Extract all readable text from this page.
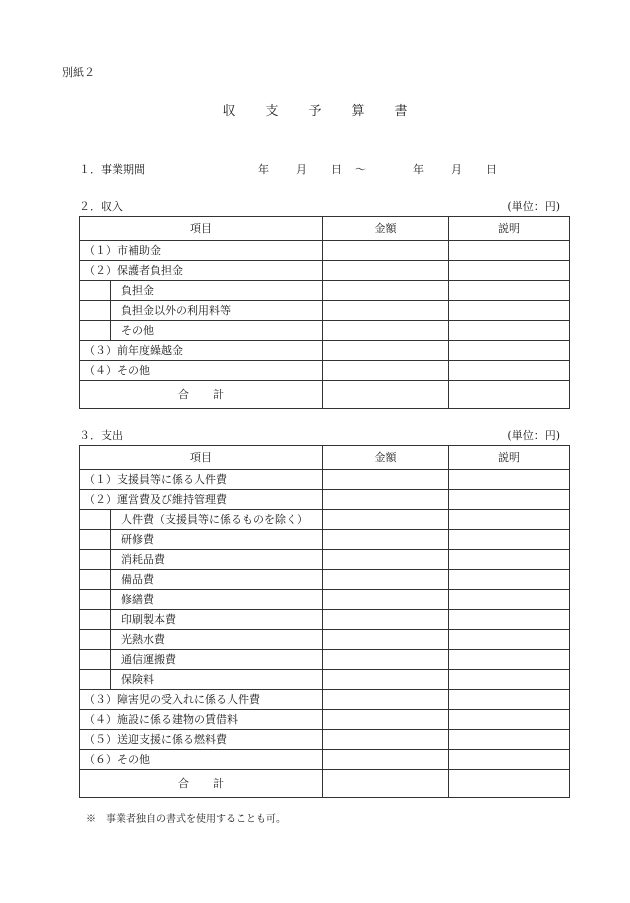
別紙２
収 支 予 算 書
１．事業期間	年 月 日 ～	年 月 日
２．収入	(単位：円)
項目	金額	説明
（１）市補助金		
（２）保護者負担金		

負担金		

負担金以外の利用料等		

その他		

（３）前年度繰越金		
（４）その他		
合 計		
３．支出	(単位：円)
項目	金額	説明
（１）支援員等に係る人件費		
（２）運営費及び維持管理費		

人件費（支援員等に係るものを除く）		

研修費		

消耗品費		

備品費		

修繕費		

印刷製本費		

光熱水費		

通信運搬費		

保険料		

（３）障害児の受入れに係る人件費		
（４）施設に係る建物の賃借料		
（５）送迎支援に係る燃料費		
（６）その他		
合 計		
※　事業者独自の書式を使用することも可。
